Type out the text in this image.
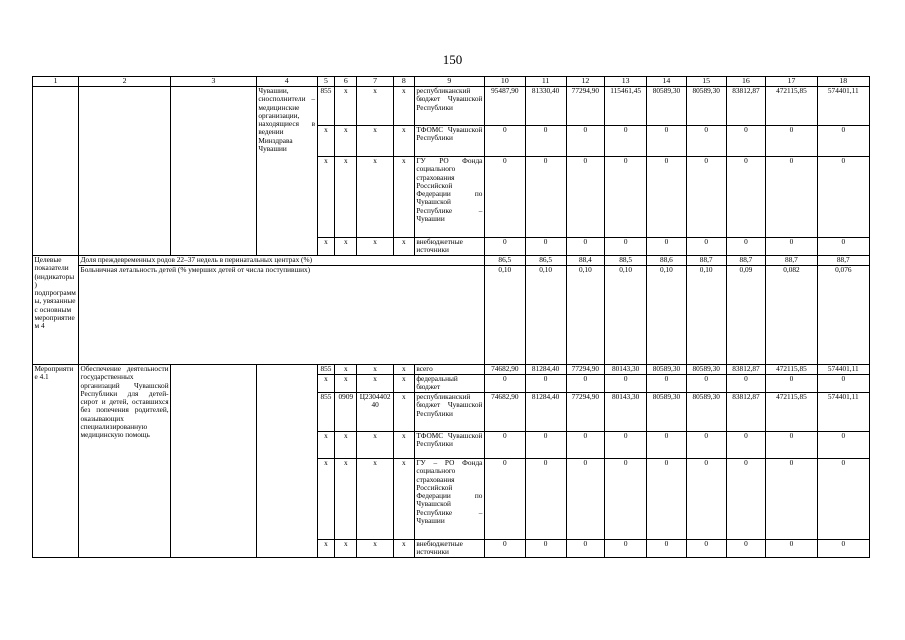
150
1	2	3	4	5	6	7	8	9	10	11	12	13	14	15	16	17	18
			Чувашии, сносполнители – медицинские организации, находящиеся в ведении Минздрава Чувашии	855	x	x	x	республиканский бюджет Чувашской Республики	95487,90	81330,40	77294,90	115461,45	80589,30	80589,30	83812,87	472115,85	574401,11
				x	x	x	x	ТФОМС Чувашской Республики	0	0	0	0	0	0	0	0	0
				x	x	x	x	ГУ РО Фонда социального страхования Российской Федерации по Чувашской Республике – Чувашии	0	0	0	0	0	0	0	0	0
				x	x	x	x	внебюджетные источники	0	0	0	0	0	0	0	0	0
Целевые показатели (индикаторы) подпрограммы, увязанные с основным мероприятием 4	Доля преждевременных родов 22–37 недель в перинатальных центрах (%)								86,5	86,5	88,4	88,5	88,6	88,7	88,7	88,7	88,7
	Больничная летальность детей (% умерших детей от числа поступивших)								0,10	0,10	0,10	0,10	0,10	0,10	0,09	0,082	0,076
Мероприятие 4.1	Обеспечение деятельности государственных организаций Чувашской Республики для детей-сирот и детей, оставшихся без попечения родителей, оказывающих специализированную медицинскую помощь			855	x	x	x	всего	74682,90	81284,40	77294,90	80143,30	80589,30	80589,30	83812,87	472115,85	574401,11
				x	x	x	x	федеральный бюджет	0	0	0	0	0	0	0	0	0
				855	0909	Ц230440240	x	республиканский бюджет Чувашской Республики	74682,90	81284,40	77294,90	80143,30	80589,30	80589,30	83812,87	472115,85	574401,11
				x	x	x	x	ТФОМС Чувашской Республики	0	0	0	0	0	0	0	0	0
				x	x	x	x	ГУ – РО Фонда социального страхования Российской Федерации по Чувашской Республике – Чувашии	0	0	0	0	0	0	0	0	0
				x	x	x	x	внебюджетные источники	0	0	0	0	0	0	0	0	0
